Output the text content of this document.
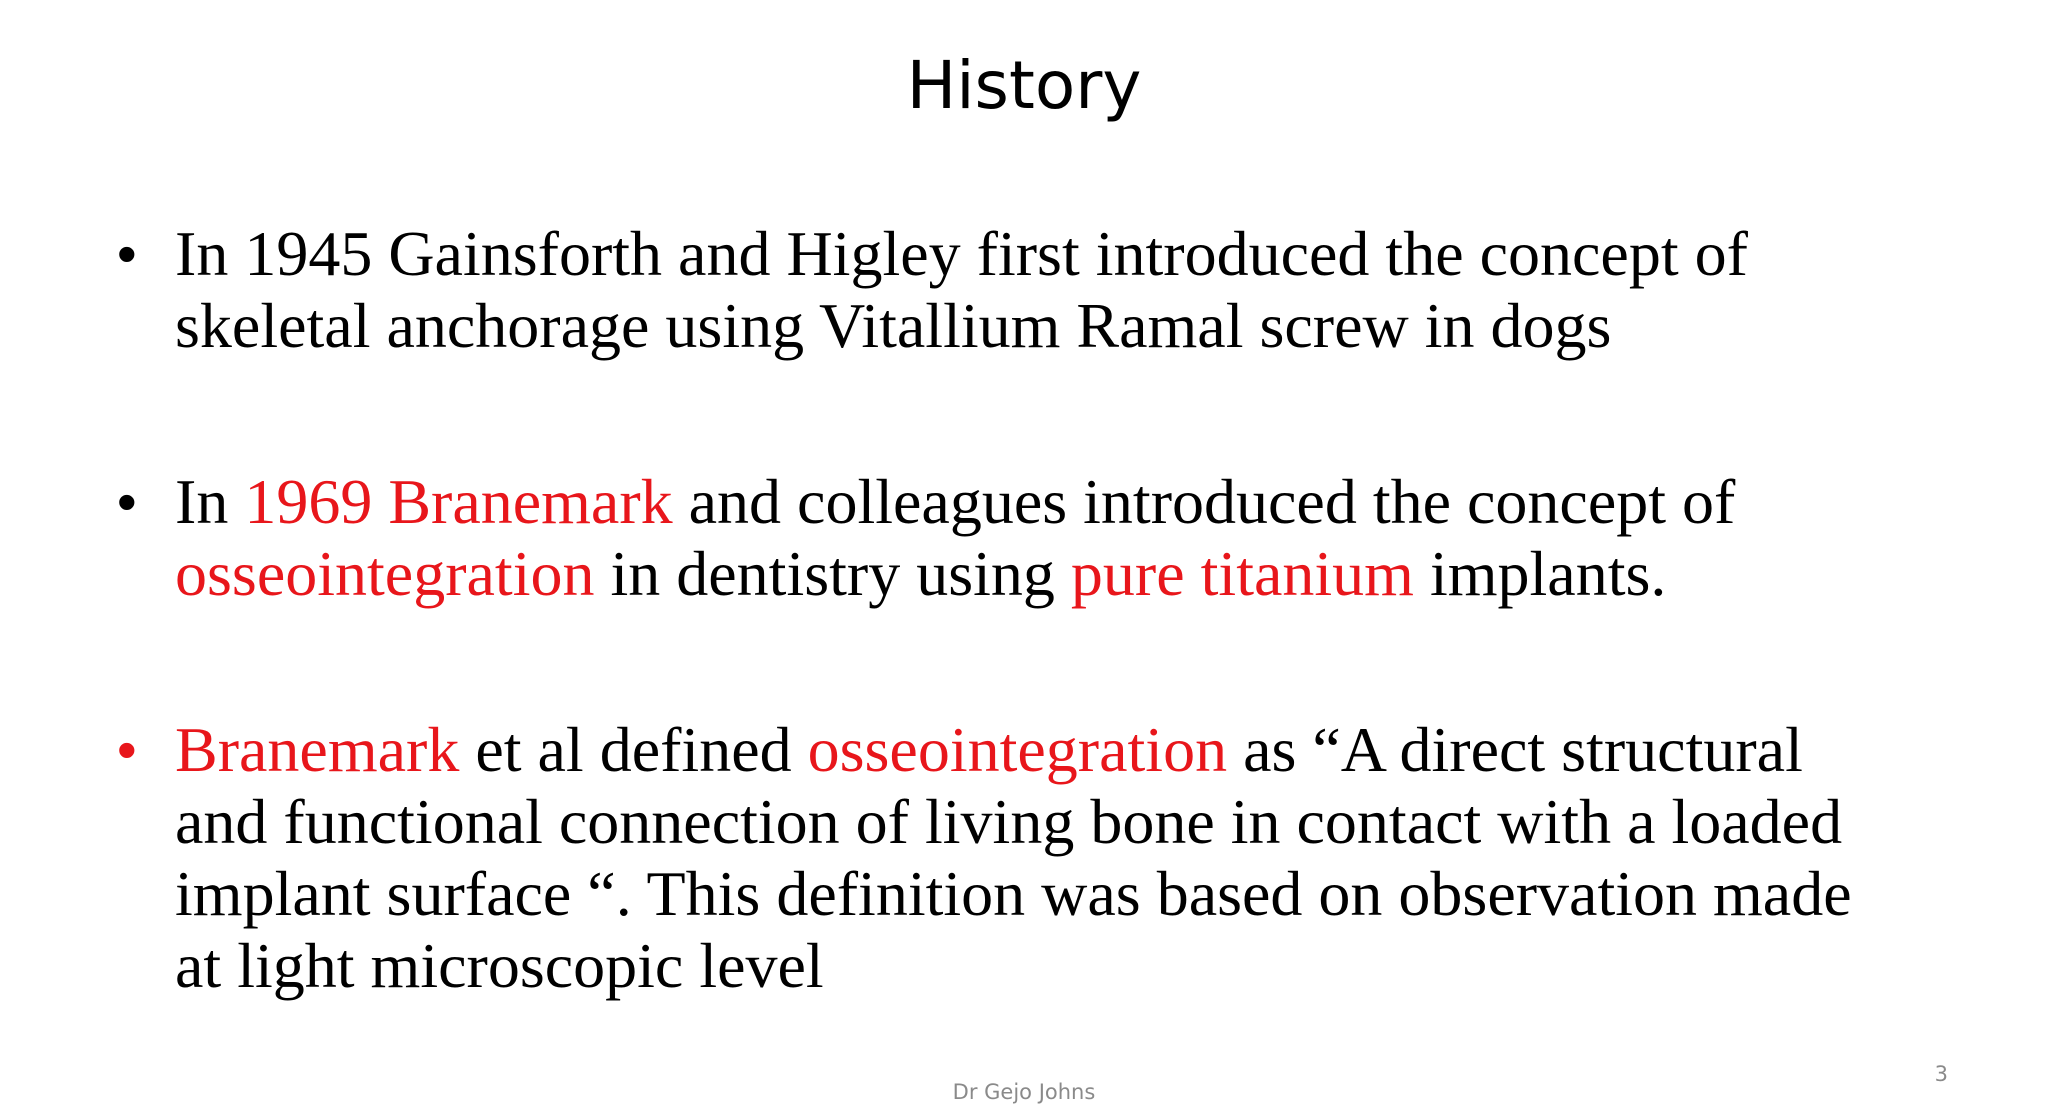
History
• In 1945 Gainsforth and Higley first introduced the concept of
skeletal anchorage using Vitallium Ramal screw in dogs
• In 1969 Branemark and colleagues introduced the concept of
osseointegration in dentistry using pure titanium implants.
• Branemark et al defined osseointegration as “A direct structural
and functional connection of living bone in contact with a loaded
implant surface “. This definition was based on observation made
at light microscopic level
Dr Gejo Johns
3
